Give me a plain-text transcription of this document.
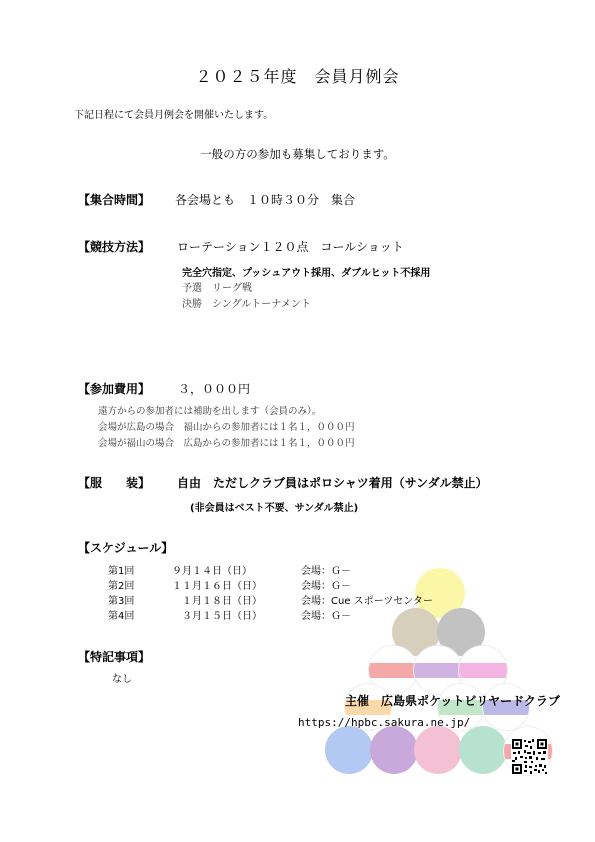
２０２５年度　会員月例会
下記日程にて会員月例会を開催いたします。
一般の方の参加も募集しております。
【集合時間】 各会場とも　１０時３０分　集合
【競技方法】 ローテーション１２０点　コールショット
完全穴指定、プッシュアウト採用、ダブルヒット不採用
予選　リーグ戦
決勝　シングルトーナメント
【参加費用】 ３，０００円
遠方からの参加者には補助を出します（会員のみ）。
会場が広島の場合　福山からの参加者には１名１，０００円
会場が福山の場合　広島からの参加者には１名１，０００円
【服　　装】 自由　ただしクラブ員はポロシャツ着用（サンダル禁止）
(非会員はベスト不要、サンダル禁止)
【スケジュール】
第1回	９月１４日（日）	会場：Ｇ－
第2回	１１月１６日（日）	会場：Ｇ－
第3回	１月１８日（日）	会場：Cue スポーツセンター
第4回	３月１５日（日）	会場：Ｇ－
【特記事項】
なし
主催　広島県ポケットビリヤードクラブ
https://hpbc.sakura.ne.jp/
